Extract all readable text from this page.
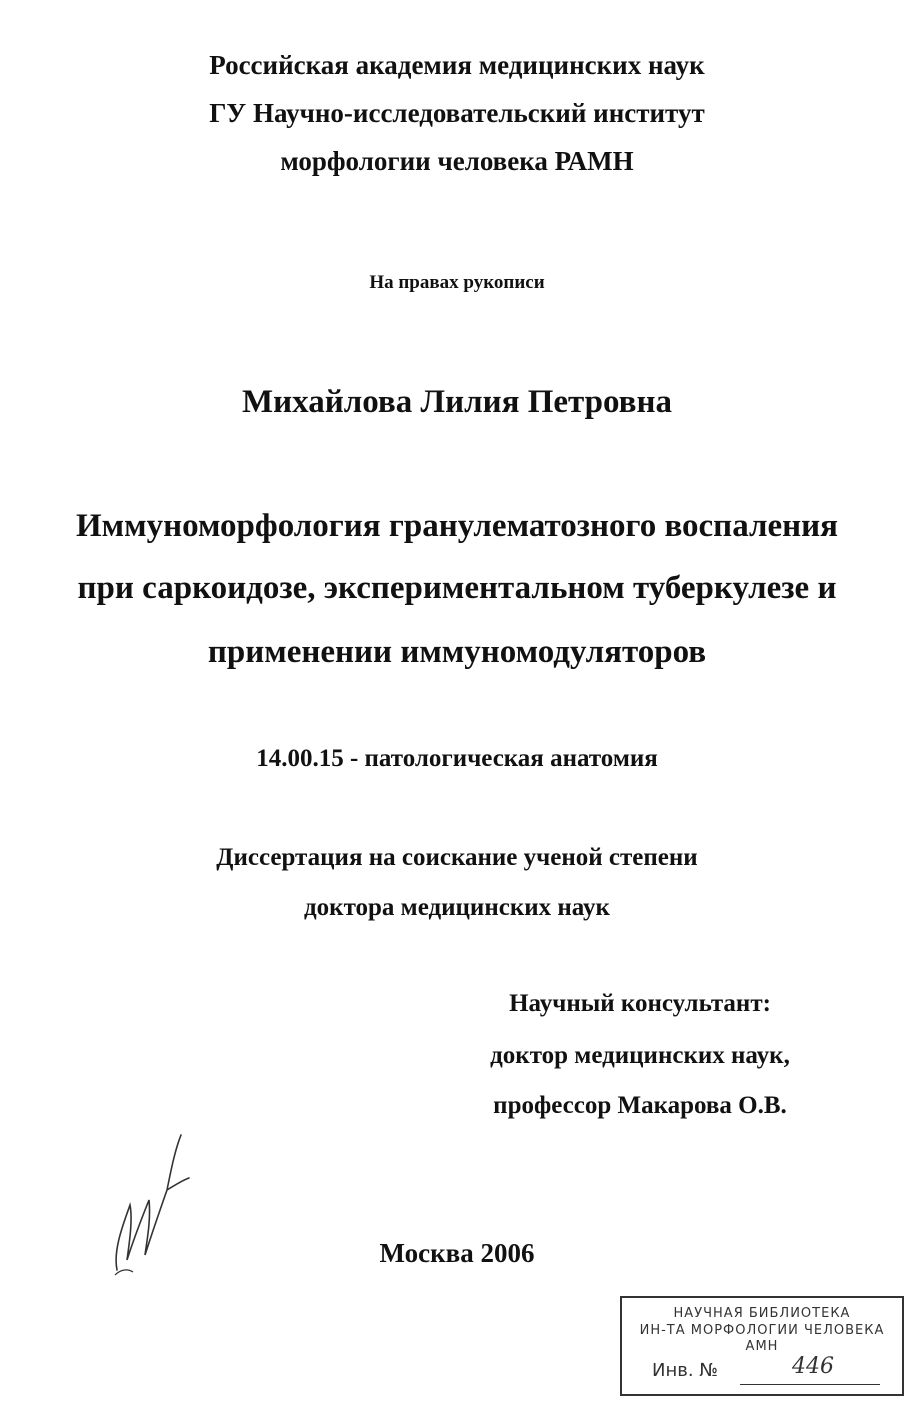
Российская академия медицинских наук
ГУ Научно-исследовательский институт
морфологии человека РАМН
На правах рукописи
Михайлова Лилия Петровна
Иммуноморфология гранулематозного воспаления
при саркоидозе, экспериментальном туберкулезе и
применении иммуномодуляторов
14.00.15 - патологическая анатомия
Диссертация на соискание ученой степени
доктора медицинских наук
Научный консультант:
доктор медицинских наук,
профессор Макарова О.В.
Москва 2006
НАУЧНАЯ БИБЛИОТЕКА
ИН-ТА МОРФОЛОГИИ ЧЕЛОВЕКА
АМН
Инв. №	446
